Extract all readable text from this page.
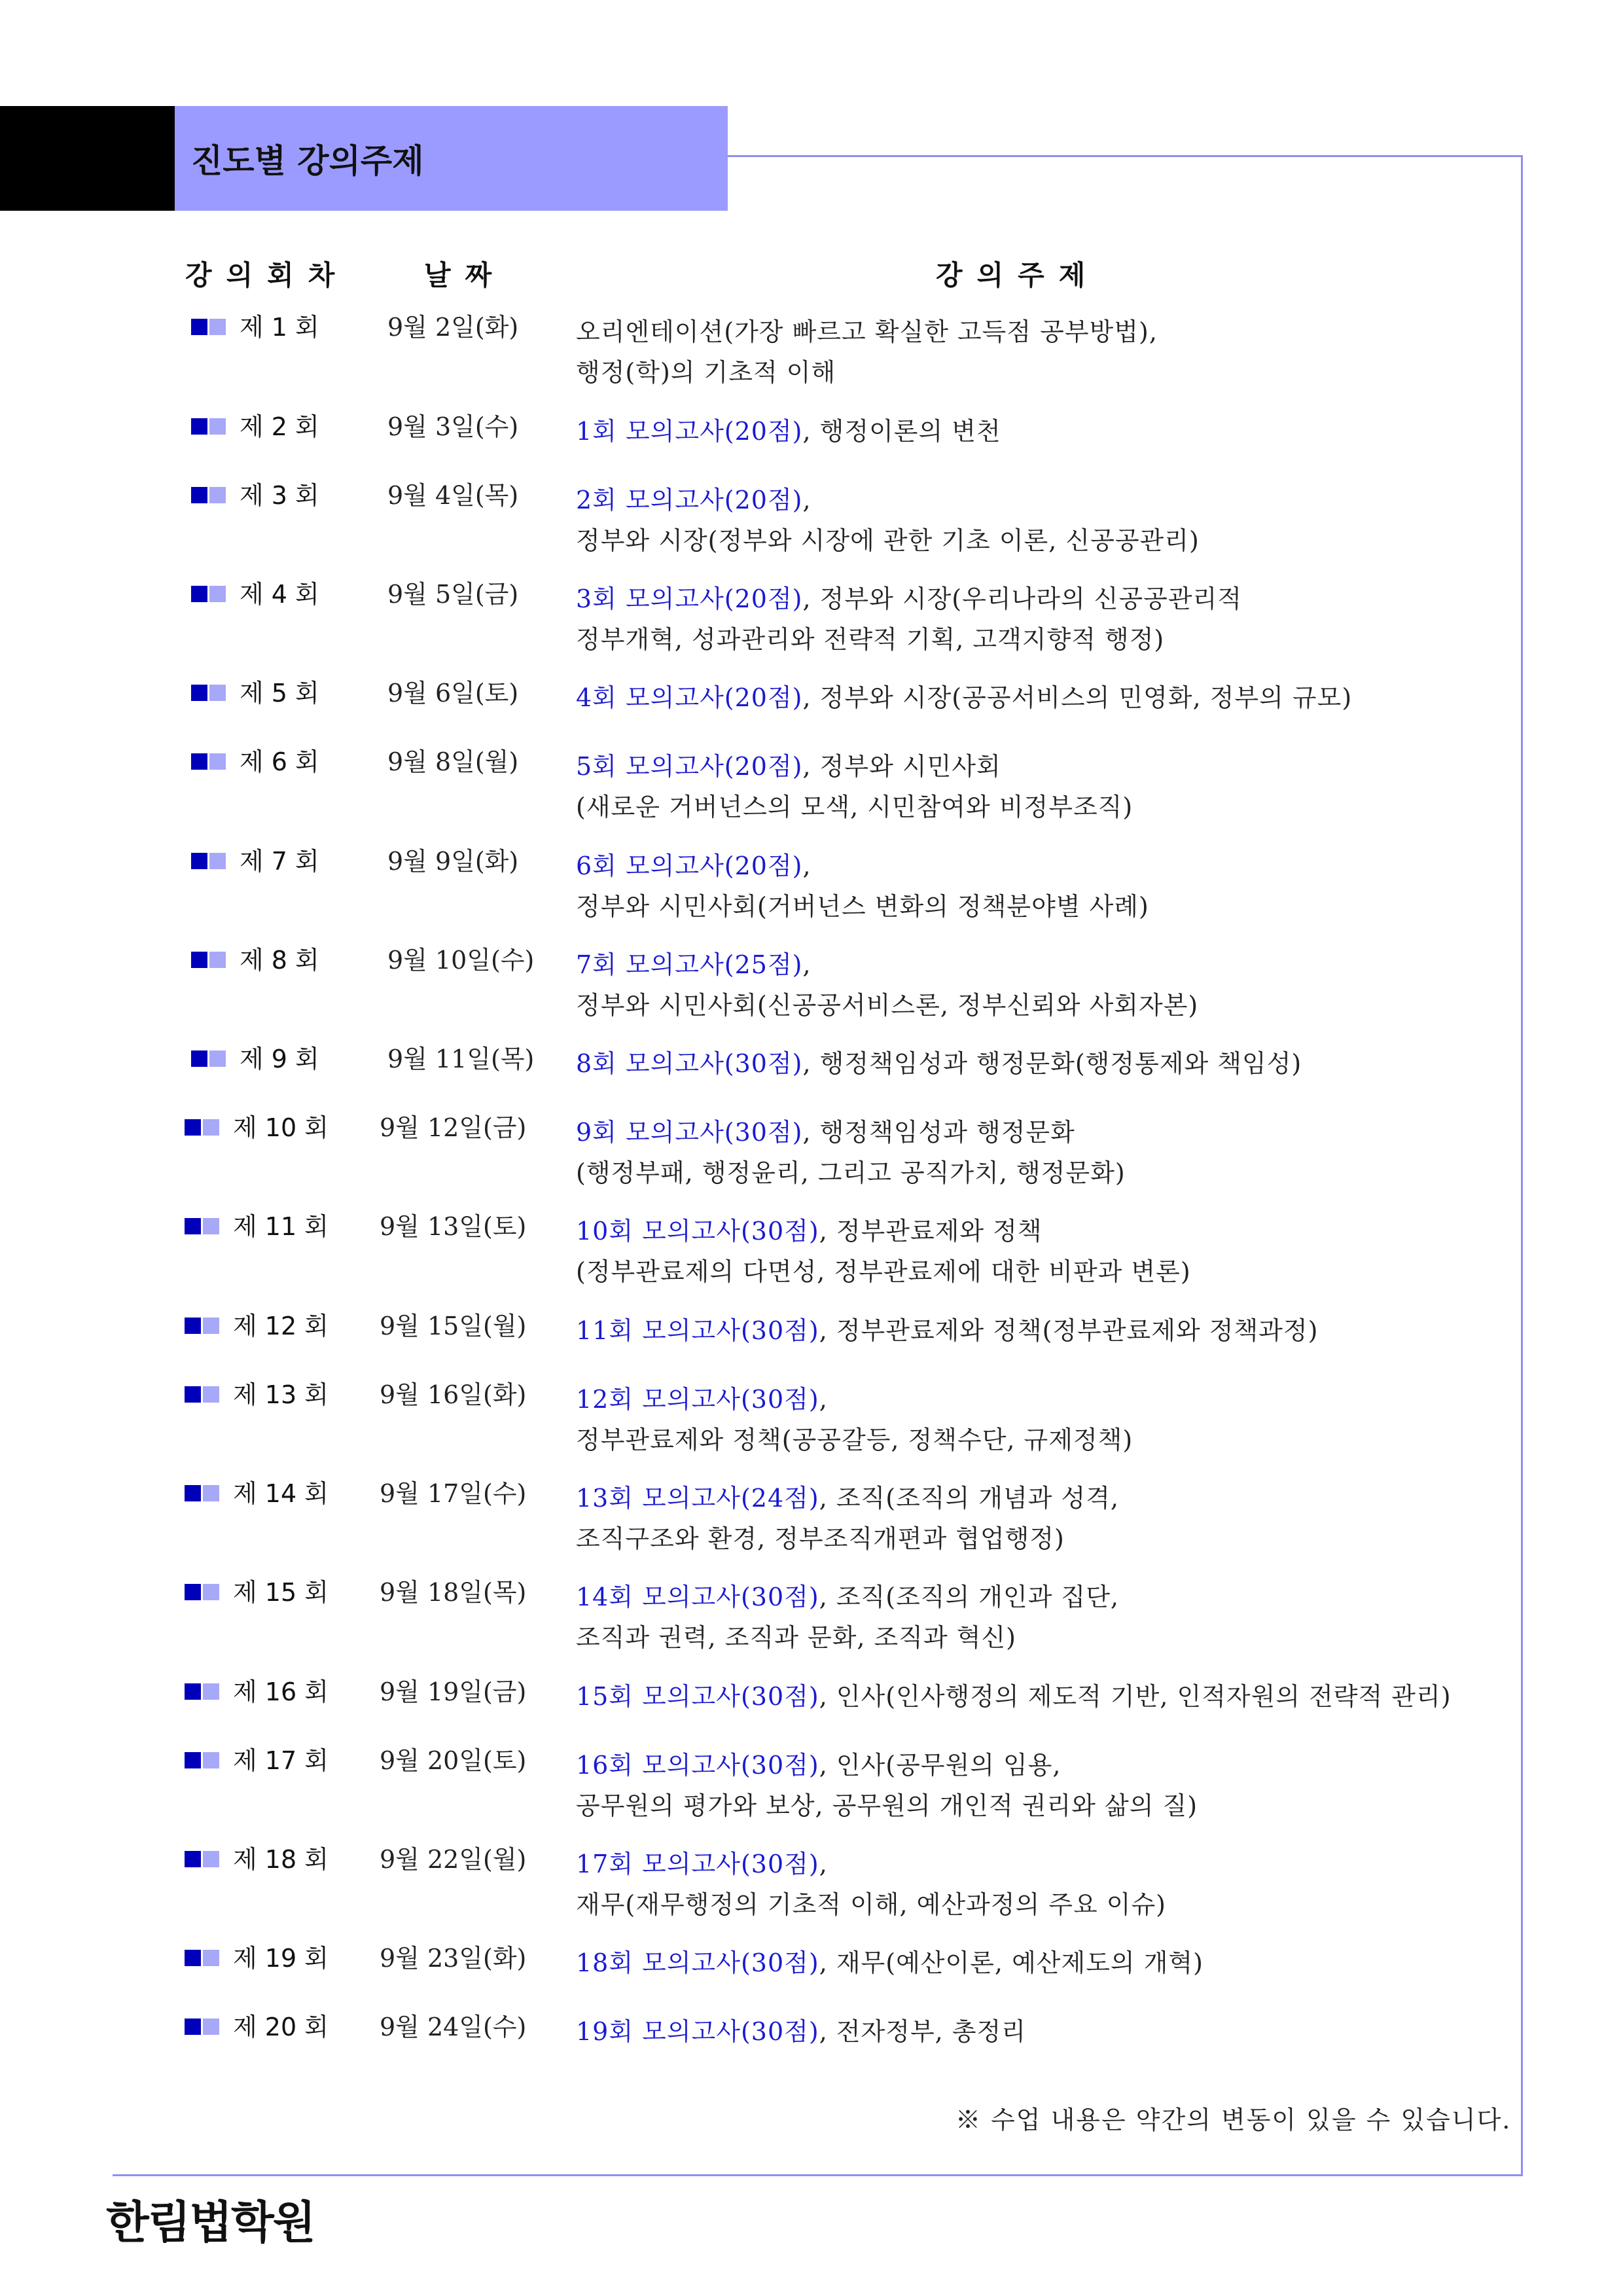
진도별 강의주제
강의회차	날짜	강의주제
제 1 회	9월 2일(화) 오리엔테이션(가장 빠르고 확실한 고득점 공부방법),
행정(학)의 기초적 이해
제 2 회	9월 3일(수) 1회 모의고사(20점), 행정이론의 변천
제 3 회	9월 4일(목) 2회 모의고사(20점),
정부와 시장(정부와 시장에 관한 기초 이론, 신공공관리)
제 4 회	9월 5일(금) 3회 모의고사(20점), 정부와 시장(우리나라의 신공공관리적
정부개혁, 성과관리와 전략적 기획, 고객지향적 행정)
제 5 회	9월 6일(토) 4회 모의고사(20점), 정부와 시장(공공서비스의 민영화, 정부의 규모)
제 6 회	9월 8일(월) 5회 모의고사(20점), 정부와 시민사회
(새로운 거버넌스의 모색, 시민참여와 비정부조직)
제 7 회	9월 9일(화) 6회 모의고사(20점),
정부와 시민사회(거버넌스 변화의 정책분야별 사례)
제 8 회	9월 10일(수) 7회 모의고사(25점),
정부와 시민사회(신공공서비스론, 정부신뢰와 사회자본)
제 9 회	9월 11일(목) 8회 모의고사(30점), 행정책임성과 행정문화(행정통제와 책임성)
제 10 회 9월 12일(금) 9회 모의고사(30점), 행정책임성과 행정문화
(행정부패, 행정윤리, 그리고 공직가치, 행정문화)
제 11 회 9월 13일(토) 10회 모의고사(30점), 정부관료제와 정책
(정부관료제의 다면성, 정부관료제에 대한 비판과 변론)
제 12 회 9월 15일(월) 11회 모의고사(30점), 정부관료제와 정책(정부관료제와 정책과정)
제 13 회 9월 16일(화) 12회 모의고사(30점),
정부관료제와 정책(공공갈등, 정책수단, 규제정책)
제 14 회 9월 17일(수) 13회 모의고사(24점), 조직(조직의 개념과 성격,
조직구조와 환경, 정부조직개편과 협업행정)
제 15 회 9월 18일(목) 14회 모의고사(30점), 조직(조직의 개인과 집단,
조직과 권력, 조직과 문화, 조직과 혁신)
제 16 회 9월 19일(금) 15회 모의고사(30점), 인사(인사행정의 제도적 기반, 인적자원의 전략적 관리)
제 17 회 9월 20일(토) 16회 모의고사(30점), 인사(공무원의 임용,
공무원의 평가와 보상, 공무원의 개인적 권리와 삶의 질)
제 18 회 9월 22일(월) 17회 모의고사(30점),
재무(재무행정의 기초적 이해, 예산과정의 주요 이슈)
제 19 회 9월 23일(화) 18회 모의고사(30점), 재무(예산이론, 예산제도의 개혁)
제 20 회 9월 24일(수) 19회 모의고사(30점), 전자정부, 총정리
※ 수업 내용은 약간의 변동이 있을 수 있습니다.
한림법학원
